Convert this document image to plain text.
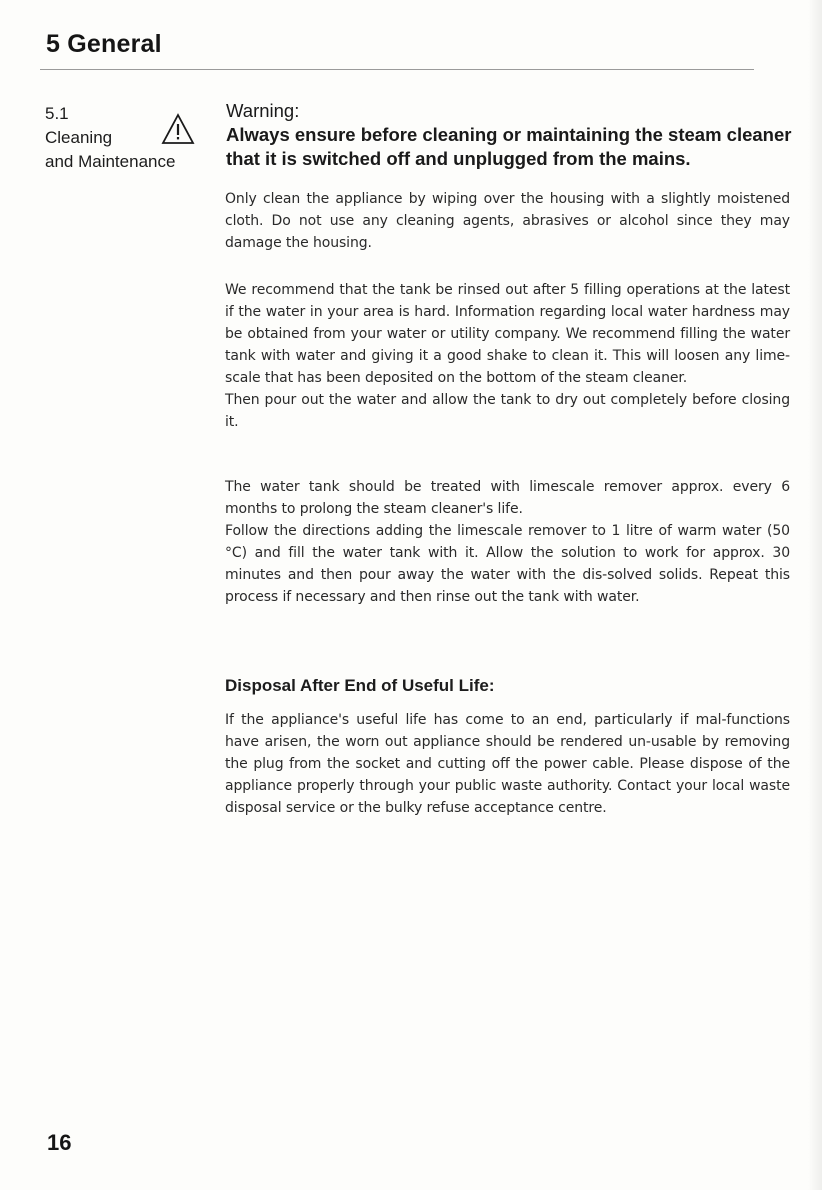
5 General
5.1
Cleaning
and Maintenance
Warning:
Always ensure before cleaning or maintaining the steam cleaner that it is switched off and unplugged from the mains.

Only clean the appliance by wiping over the housing with a slightly moistened cloth. Do not use any cleaning agents, abrasives or alcohol since they may damage the housing.

We recommend that the tank be rinsed out after 5 filling operations at the latest if the water in your area is hard. Information regarding local water hardness may be obtained from your water or utility company. We recommend filling the water tank with water and giving it a good shake to clean it. This will loosen any lime-scale that has been deposited on the bottom of the steam cleaner.

Then pour out the water and allow the tank to dry out completely before closing it.

The water tank should be treated with limescale remover approx. every 6 months to prolong the steam cleaner's life.

Follow the directions adding the limescale remover to 1 litre of warm water (50 °C) and fill the water tank with it. Allow the solution to work for approx. 30 minutes and then pour away the water with the dis-solved solids. Repeat this process if necessary and then rinse out the tank with water.

Disposal After End of Useful Life:

If the appliance's useful life has come to an end, particularly if mal-functions have arisen, the worn out appliance should be rendered un-usable by removing the plug from the socket and cutting off the power cable. Please dispose of the appliance properly through your public waste authority. Contact your local waste disposal service or the bulky refuse acceptance centre.

16
